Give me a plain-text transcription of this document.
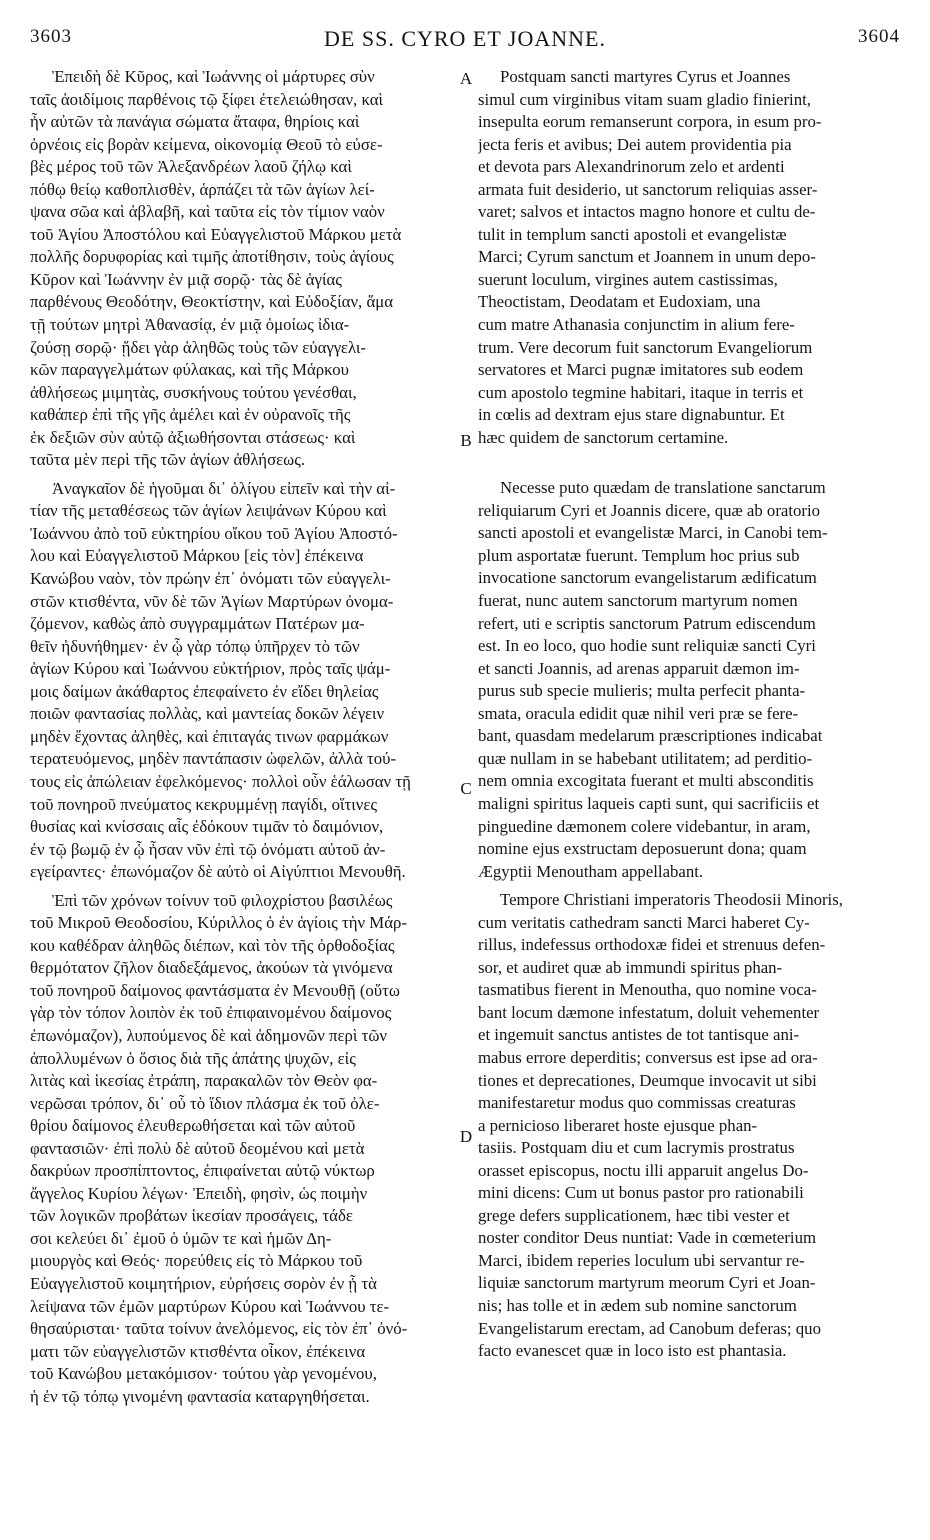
3603	DE SS. CYRO ET JOANNE.	3604

Ἐπειδὴ δὲ Κῦρος, καὶ Ἰωάννης οἱ μάρτυρες σὺν
ταῖς ἀοιδίμοις παρθένοις τῷ ξίφει ἐτελειώθησαν, καὶ
ἦν αὐτῶν τὰ πανάγια σώματα ἄταφα, θηρίοις καὶ
ὀρνέοις εἰς βορὰν κείμενα, οἰκονομίᾳ Θεοῦ τὸ εὐσε-
βὲς μέρος τοῦ τῶν Ἀλεξανδρέων λαοῦ ζήλῳ καὶ
πόθῳ θείῳ καθοπλισθὲν, ἁρπάζει τὰ τῶν ἁγίων λεί-
ψανα σῶα καὶ ἀβλαβῆ, καὶ ταῦτα εἰς τὸν τίμιον ναὸν
τοῦ Ἁγίου Ἀποστόλου καὶ Εὐαγγελιστοῦ Μάρκου μετὰ
πολλῆς δορυφορίας καὶ τιμῆς ἀποτίθησιν, τοὺς ἁγίους
Κῦρον καὶ Ἰωάννην ἐν μιᾷ σορῷ· τὰς δὲ ἁγίας
παρθένους Θεοδότην, Θεοκτίστην, καὶ Εὐδοξίαν, ἅμα
τῇ τούτων μητρὶ Ἀθανασίᾳ, ἐν μιᾷ ὁμοίως ἰδια-
ζούσῃ σορῷ· ᾔδει γὰρ ἀληθῶς τοὺς τῶν εὐαγγελι-
κῶν παραγγελμάτων φύλακας, καὶ τῆς Μάρκου
ἀθλήσεως μιμητὰς, συσκήνους τούτου γενέσθαι,
καθάπερ ἐπὶ τῆς γῆς ἀμέλει καὶ ἐν οὐρανοῖς τῆς
ἐκ δεξιῶν σὺν αὐτῷ ἀξιωθήσονται στάσεως· καὶ
ταῦτα μὲν περὶ τῆς τῶν ἁγίων ἀθλήσεως.

Ἀναγκαῖον δὲ ἡγοῦμαι δι᾽ ὀλίγου εἰπεῖν καὶ τὴν αἰ-
τίαν τῆς μεταθέσεως τῶν ἁγίων λειψάνων Κύρου καὶ
Ἰωάννου ἀπὸ τοῦ εὐκτηρίου οἴκου τοῦ Ἁγίου Ἀποστό-
λου καὶ Εὐαγγελιστοῦ Μάρκου [εἰς τὸν] ἐπέκεινα
Κανώβου ναὸν, τὸν πρώην ἐπ᾽ ὀνόματι τῶν εὐαγγελι-
στῶν κτισθέντα, νῦν δὲ τῶν Ἁγίων Μαρτύρων ὀνομα-
ζόμενον, καθὼς ἀπὸ συγγραμμάτων Πατέρων μα-
θεῖν ἠδυνήθημεν· ἐν ᾧ γὰρ τόπῳ ὑπῆρχεν τὸ τῶν
ἁγίων Κύρου καὶ Ἰωάννου εὐκτήριον, πρὸς ταῖς ψάμ-
μοις δαίμων ἀκάθαρτος ἐπεφαίνετο ἐν εἴδει θηλείας
ποιῶν φαντασίας πολλὰς, καὶ μαντείας δοκῶν λέγειν
μηδὲν ἔχοντας ἀληθὲς, καὶ ἐπιταγάς τινων φαρμάκων
τερατευόμενος, μηδὲν παντάπασιν ὠφελῶν, ἀλλὰ τού-
τους εἰς ἀπώλειαν ἐφελκόμενος· πολλοὶ οὖν ἑάλωσαν τῇ
τοῦ πονηροῦ πνεύματος κεκρυμμένῃ παγίδι, οἵτινες
θυσίας καὶ κνίσσαις αἷς ἐδόκουν τιμᾶν τὸ δαιμόνιον,
ἐν τῷ βωμῷ ἐν ᾧ ἦσαν νῦν ἐπὶ τῷ ὀνόματι αὐτοῦ ἀν-
εγείραντες· ἐπωνόμαζον δὲ αὐτὸ οἱ Αἰγύπτιοι Μενουθῆ.

Ἐπὶ τῶν χρόνων τοίνυν τοῦ φιλοχρίστου βασιλέως
τοῦ Μικροῦ Θεοδοσίου, Κύριλλος ὁ ἐν ἁγίοις τὴν Μάρ-
κου καθέδραν ἀληθῶς διέπων, καὶ τὸν τῆς ὀρθοδοξίας
θερμότατον ζῆλον διαδεξάμενος, ἀκούων τὰ γινόμενα
τοῦ πονηροῦ δαίμονος φαντάσματα ἐν Μενουθῇ (οὕτω
γὰρ τὸν τόπον λοιπὸν ἐκ τοῦ ἐπιφαινομένου δαίμονος
ἐπωνόμαζον), λυπούμενος δὲ καὶ ἀδημονῶν περὶ τῶν
ἀπολλυμένων ὁ ὅσιος διὰ τῆς ἀπάτης ψυχῶν, εἰς
λιτὰς καὶ ἱκεσίας ἐτράπη, παρακαλῶν τὸν Θεὸν φα-
νερῶσαι τρόπον, δι᾽ οὗ τὸ ἴδιον πλάσμα ἐκ τοῦ ὀλε-
θρίου δαίμονος ἐλευθερωθήσεται καὶ τῶν αὐτοῦ
φαντασιῶν· ἐπὶ πολὺ δὲ αὐτοῦ δεομένου καὶ μετὰ
δακρύων προσπίπτοντος, ἐπιφαίνεται αὐτῷ νύκτωρ
ἄγγελος Κυρίου λέγων· Ἐπειδὴ, φησὶν, ὡς ποιμὴν
τῶν λογικῶν προβάτων ἱκεσίαν προσάγεις, τάδε
σοι κελεύει δι᾽ ἐμοῦ ὁ ὑμῶν τε καὶ ἡμῶν Δη-
μιουργὸς καὶ Θεός· πορεύθεις εἰς τὸ Μάρκου τοῦ
Εὐαγγελιστοῦ κοιμητήριον, εὑρήσεις σορὸν ἐν ᾗ τὰ
λείψανα τῶν ἐμῶν μαρτύρων Κύρου καὶ Ἰωάννου τε-
θησαύρισται· ταῦτα τοίνυν ἀνελόμενος, εἰς τὸν ἐπ᾽ ὀνό-
ματι τῶν εὐαγγελιστῶν κτισθέντα οἶκον, ἐπέκεινα
τοῦ Κανώβου μετακόμισον· τούτου γὰρ γενομένου,
ἡ ἐν τῷ τόπῳ γινομένη φαντασία καταργηθήσεται.

Postquam sancti martyres Cyrus et Joannes
simul cum virginibus vitam suam gladio finierint,
insepulta eorum remanserunt corpora, in esum pro-
jecta feris et avibus; Dei autem providentia pia
et devota pars Alexandrinorum zelo et ardenti
armata fuit desiderio, ut sanctorum reliquias asser-
varet; salvos et intactos magno honore et cultu de-
tulit in templum sancti apostoli et evangelistæ
Marci; Cyrum sanctum et Joannem in unum depo-
suerunt loculum, virgines autem castissimas,
Theoctistam, Deodatam et Eudoxiam, una
cum matre Athanasia conjunctim in alium fere-
trum. Vere decorum fuit sanctorum Evangeliorum
servatores et Marci pugnæ imitatores sub eodem
cum apostolo tegmine habitari, itaque in terris et
in cœlis ad dextram ejus stare dignabuntur. Et
hæc quidem de sanctorum certamine.

Necesse puto quædam de translatione sanctarum
reliquiarum Cyri et Joannis dicere, quæ ab oratorio
sancti apostoli et evangelistæ Marci, in Canobi tem-
plum asportatæ fuerunt. Templum hoc prius sub
invocatione sanctorum evangelistarum ædificatum
fuerat, nunc autem sanctorum martyrum nomen
refert, uti e scriptis sanctorum Patrum ediscendum
est. In eo loco, quo hodie sunt reliquiæ sancti Cyri
et sancti Joannis, ad arenas apparuit dæmon im-
purus sub specie mulieris; multa perfecit phanta-
smata, oracula edidit quæ nihil veri præ se fere-
bant, quasdam medelarum præscriptiones indicabat
quæ nullam in se habebant utilitatem; ad perditio-
nem omnia excogitata fuerant et multi absconditis
maligni spiritus laqueis capti sunt, qui sacrificiis et
pinguedine dæmonem colere videbantur, in aram,
nomine ejus exstructam deposuerunt dona; quam
Ægyptii Menoutham appellabant.

Tempore Christiani imperatoris Theodosii Minoris,
cum veritatis cathedram sancti Marci haberet Cy-
rillus, indefessus orthodoxæ fidei et strenuus defen-
sor, et audiret quæ ab immundi spiritus phan-
tasmatibus fierent in Menoutha, quo nomine voca-
bant locum dæmone infestatum, doluit vehementer
et ingemuit sanctus antistes de tot tantisque ani-
mabus errore deperditis; conversus est ipse ad ora-
tiones et deprecationes, Deumque invocavit ut sibi
manifestaretur modus quo commissas creaturas
a pernicioso liberaret hoste ejusque phan-
tasiis. Postquam diu et cum lacrymis prostratus
orasset episcopus, noctu illi apparuit angelus Do-
mini dicens: Cum ut bonus pastor pro rationabili
grege defers supplicationem, hæc tibi vester et
noster conditor Deus nuntiat: Vade in cœmeterium
Marci, ibidem reperies loculum ubi servantur re-
liquiæ sanctorum martyrum meorum Cyri et Joan-
nis; has tolle et in ædem sub nomine sanctorum
Evangelistarum erectam, ad Canobum deferas; quo
facto evanescet quæ in loco isto est phantasia.

A
B
C
D
